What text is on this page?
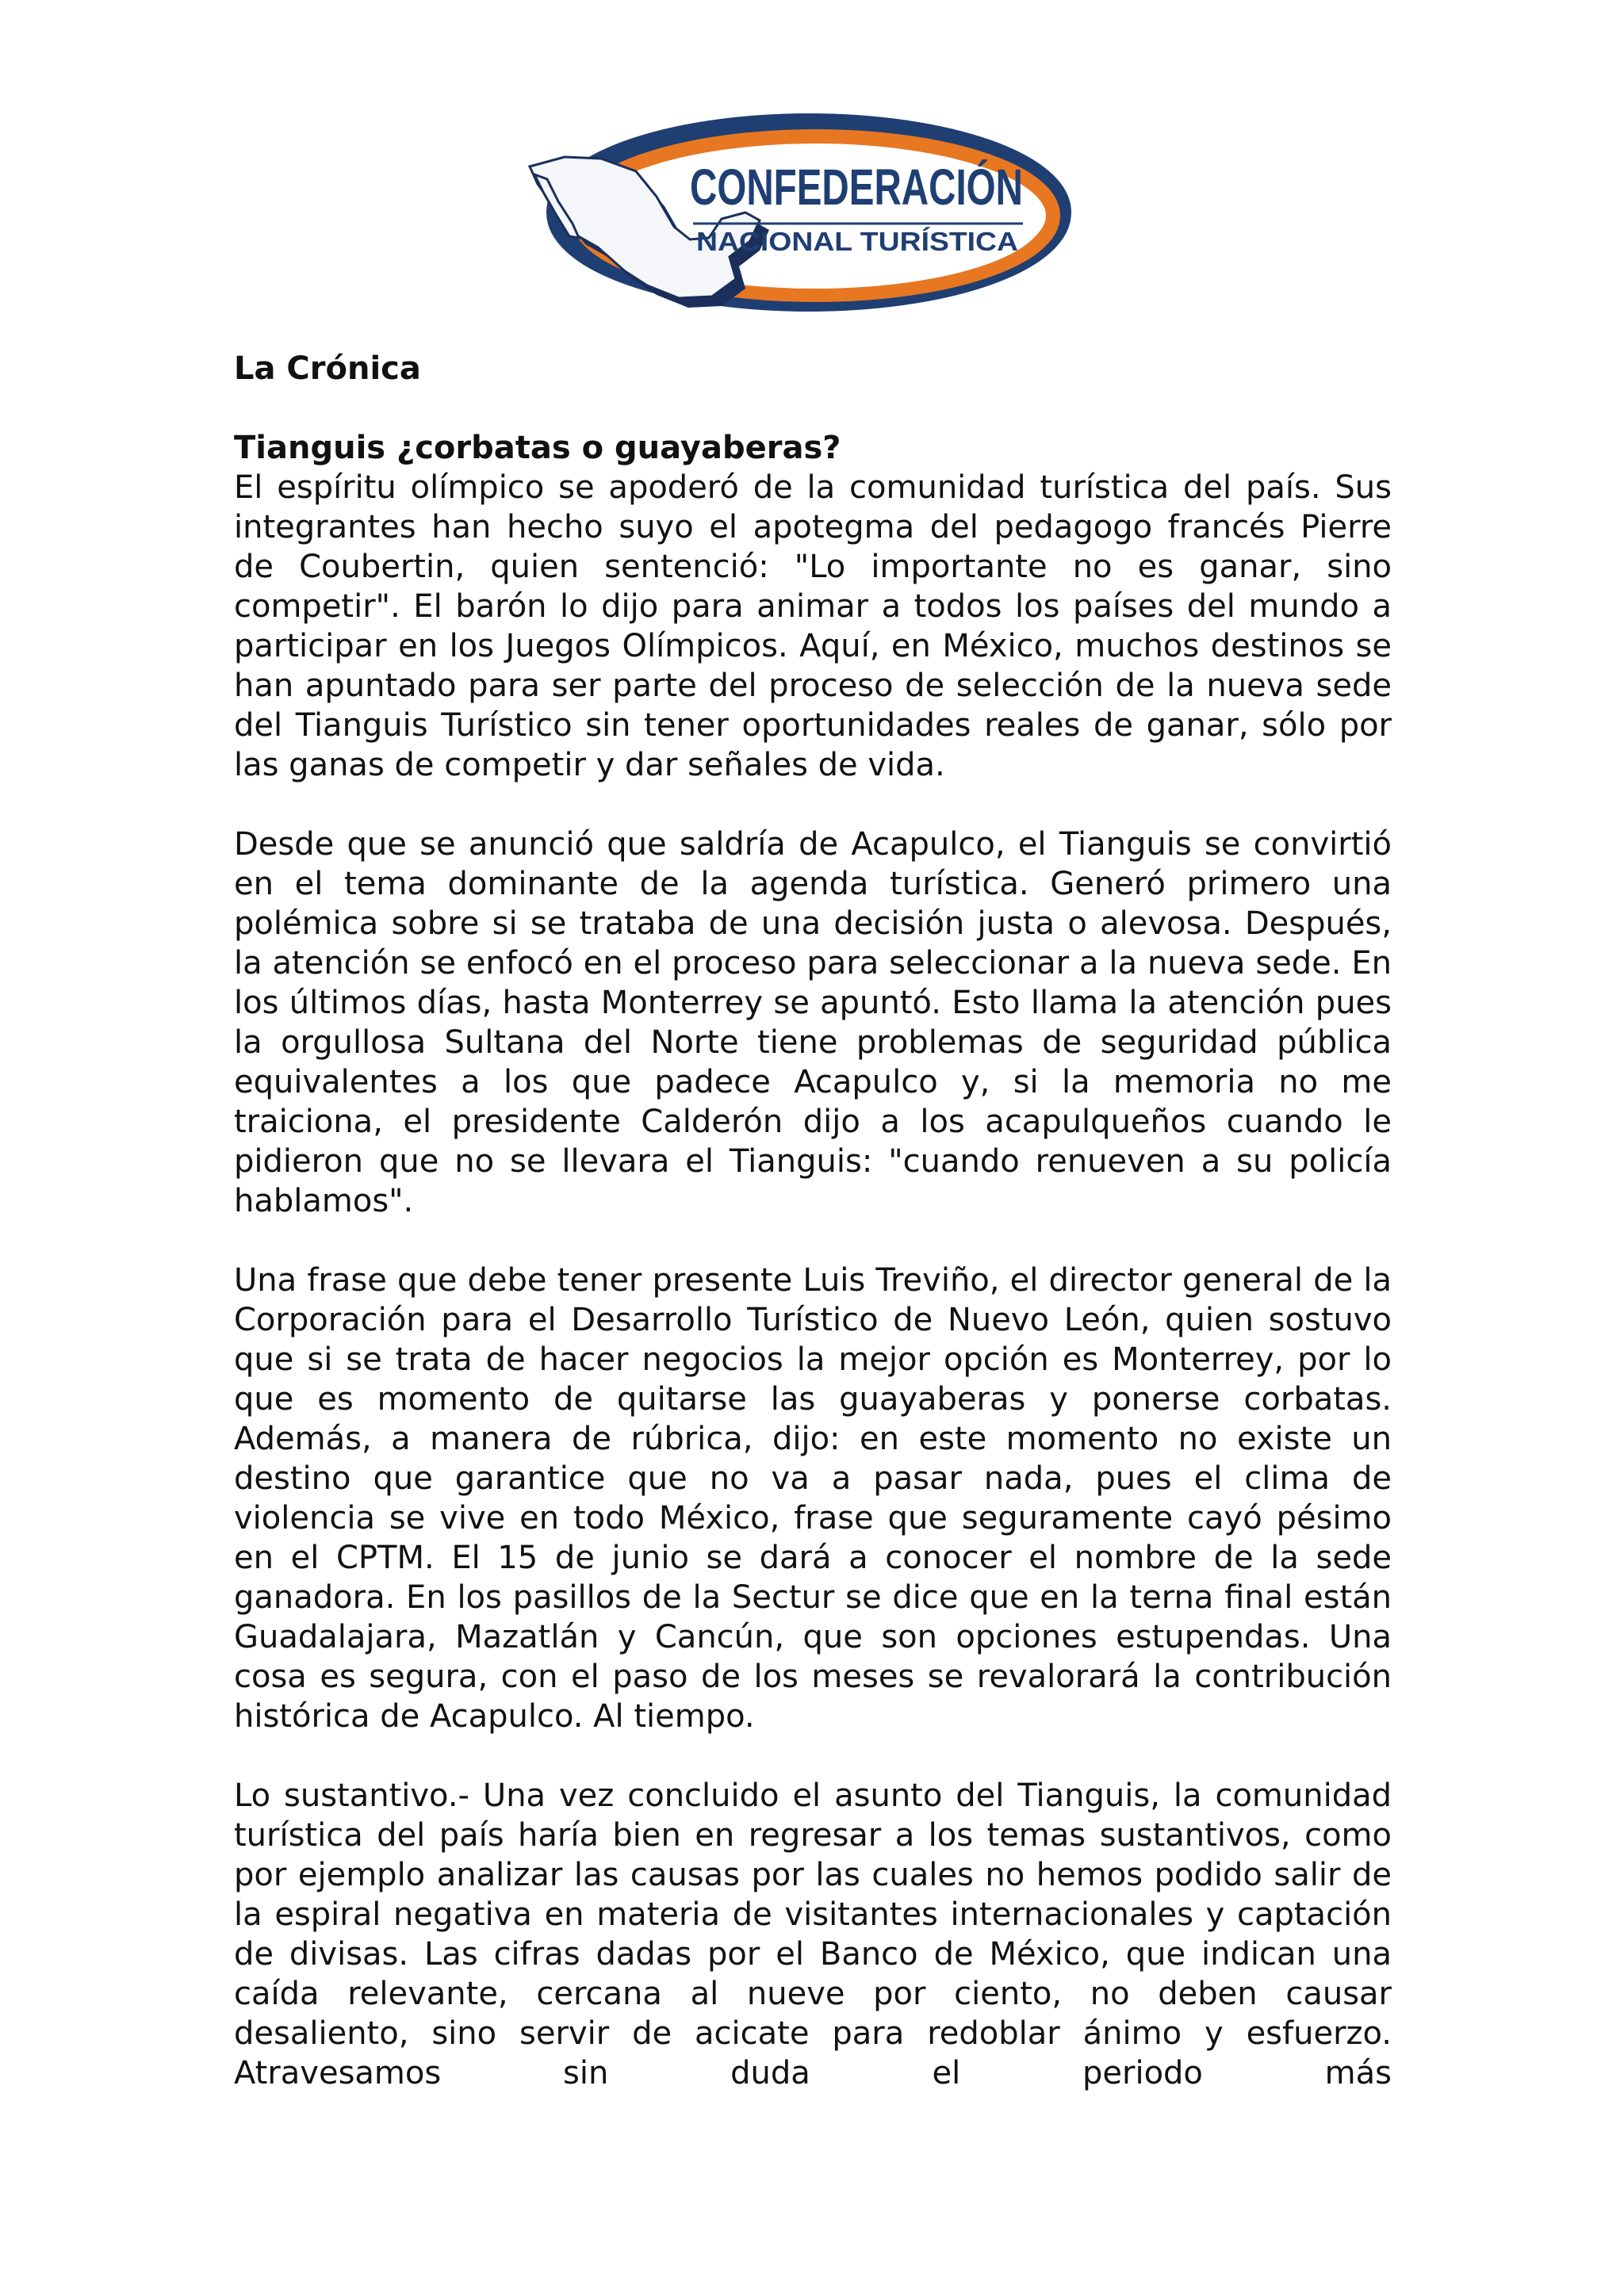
CONFEDERACIÓN
NACIONAL TURÍSTICA

La Crónica

Tianguis ¿corbatas o guayaberas?

El espíritu olímpico se apoderó de la comunidad turística del país. Sus integrantes han hecho suyo el apotegma del pedagogo francés Pierre de Coubertin, quien sentenció: "Lo importante no es ganar, sino competir". El barón lo dijo para animar a todos los países del mundo a participar en los Juegos Olímpicos. Aquí, en México, muchos destinos se han apuntado para ser parte del proceso de selección de la nueva sede del Tianguis Turístico sin tener oportunidades reales de ganar, sólo por las ganas de competir y dar señales de vida.

Desde que se anunció que saldría de Acapulco, el Tianguis se convirtió en el tema dominante de la agenda turística. Generó primero una polémica sobre si se trataba de una decisión justa o alevosa. Después, la atención se enfocó en el proceso para seleccionar a la nueva sede. En los últimos días, hasta Monterrey se apuntó. Esto llama la atención pues la orgullosa Sultana del Norte tiene problemas de seguridad pública equivalentes a los que padece Acapulco y, si la memoria no me traiciona, el presidente Calderón dijo a los acapulqueños cuando le pidieron que no se llevara el Tianguis: "cuando renueven a su policía hablamos".

Una frase que debe tener presente Luis Treviño, el director general de la Corporación para el Desarrollo Turístico de Nuevo León, quien sostuvo que si se trata de hacer negocios la mejor opción es Monterrey, por lo que es momento de quitarse las guayaberas y ponerse corbatas. Además, a manera de rúbrica, dijo: en este momento no existe un destino que garantice que no va a pasar nada, pues el clima de violencia se vive en todo México, frase que seguramente cayó pésimo en el CPTM. El 15 de junio se dará a conocer el nombre de la sede ganadora. En los pasillos de la Sectur se dice que en la terna final están Guadalajara, Mazatlán y Cancún, que son opciones estupendas. Una cosa es segura, con el paso de los meses se revalorará la contribución histórica de Acapulco. Al tiempo.

Lo sustantivo.- Una vez concluido el asunto del Tianguis, la comunidad turística del país haría bien en regresar a los temas sustantivos, como por ejemplo analizar las causas por las cuales no hemos podido salir de la espiral negativa en materia de visitantes internacionales y captación de divisas. Las cifras dadas por el Banco de México, que indican una caída relevante, cercana al nueve por ciento, no deben causar desaliento, sino servir de acicate para redoblar ánimo y esfuerzo. Atravesamos sin duda el periodo más
